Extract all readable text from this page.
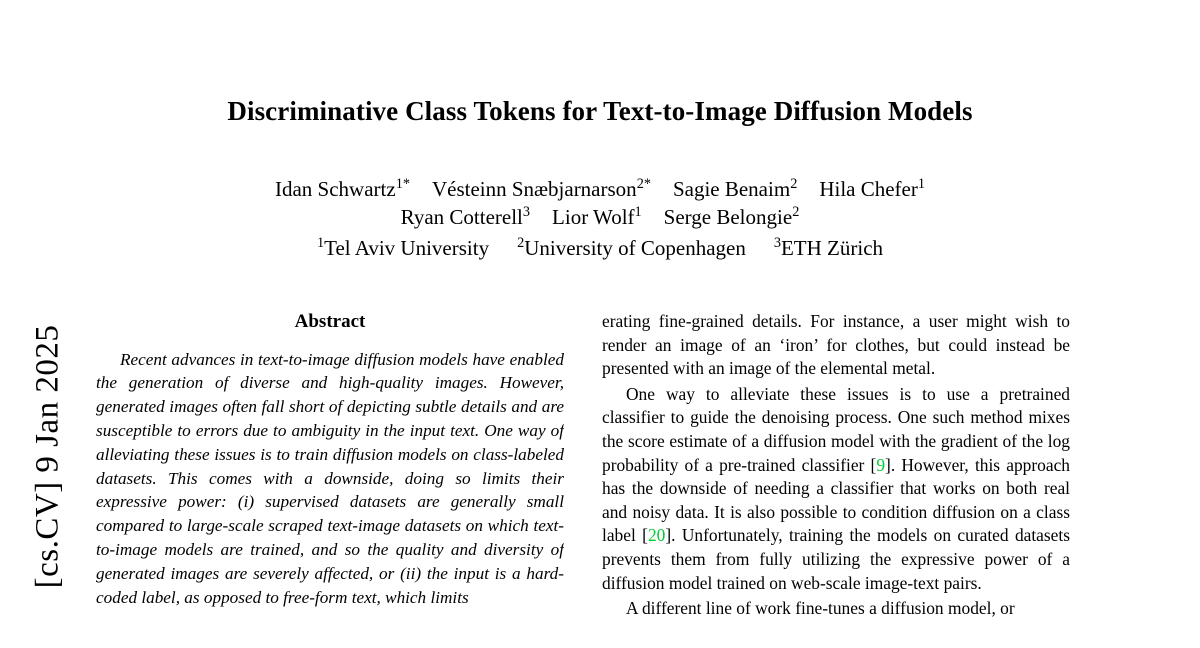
[cs.CV] 9 Jan 2025
Discriminative Class Tokens for Text-to-Image Diffusion Models
Idan Schwartz$^{1*}$ Vésteinn Snæbjarnarson$^{2*}$ Sagie Benaim$^2$ Hila Chefer$^1$
Ryan Cotterell$^3$ Lior Wolf$^1$ Serge Belongie$^2$
$^1$Tel Aviv University $^2$University of Copenhagen $^3$ETH Zürich
Abstract
Recent advances in text-to-image diffusion models have enabled the generation of diverse and high-quality images. However, generated images often fall short of depicting subtle details and are susceptible to errors due to ambiguity in the input text. One way of alleviating these issues is to train diffusion models on class-labeled datasets. This comes with a downside, doing so limits their expressive power: (i) supervised datasets are generally small compared to large-scale scraped text-image datasets on which text-to-image models are trained, and so the quality and diversity of generated images are severely affected, or (ii) the input is a hard-coded label, as opposed to free-form text, which limits

erating fine-grained details. For instance, a user might wish to render an image of an ‘iron’ for clothes, but could instead be presented with an image of the elemental metal.

One way to alleviate these issues is to use a pretrained classifier to guide the denoising process. One such method mixes the score estimate of a diffusion model with the gradient of the log probability of a pre-trained classifier [9]. However, this approach has the downside of needing a classifier that works on both real and noisy data. It is also possible to condition diffusion on a class label [20]. Unfortunately, training the models on curated datasets prevents them from fully utilizing the expressive power of a diffusion model trained on web-scale image-text pairs.

A different line of work fine-tunes a diffusion model, or
